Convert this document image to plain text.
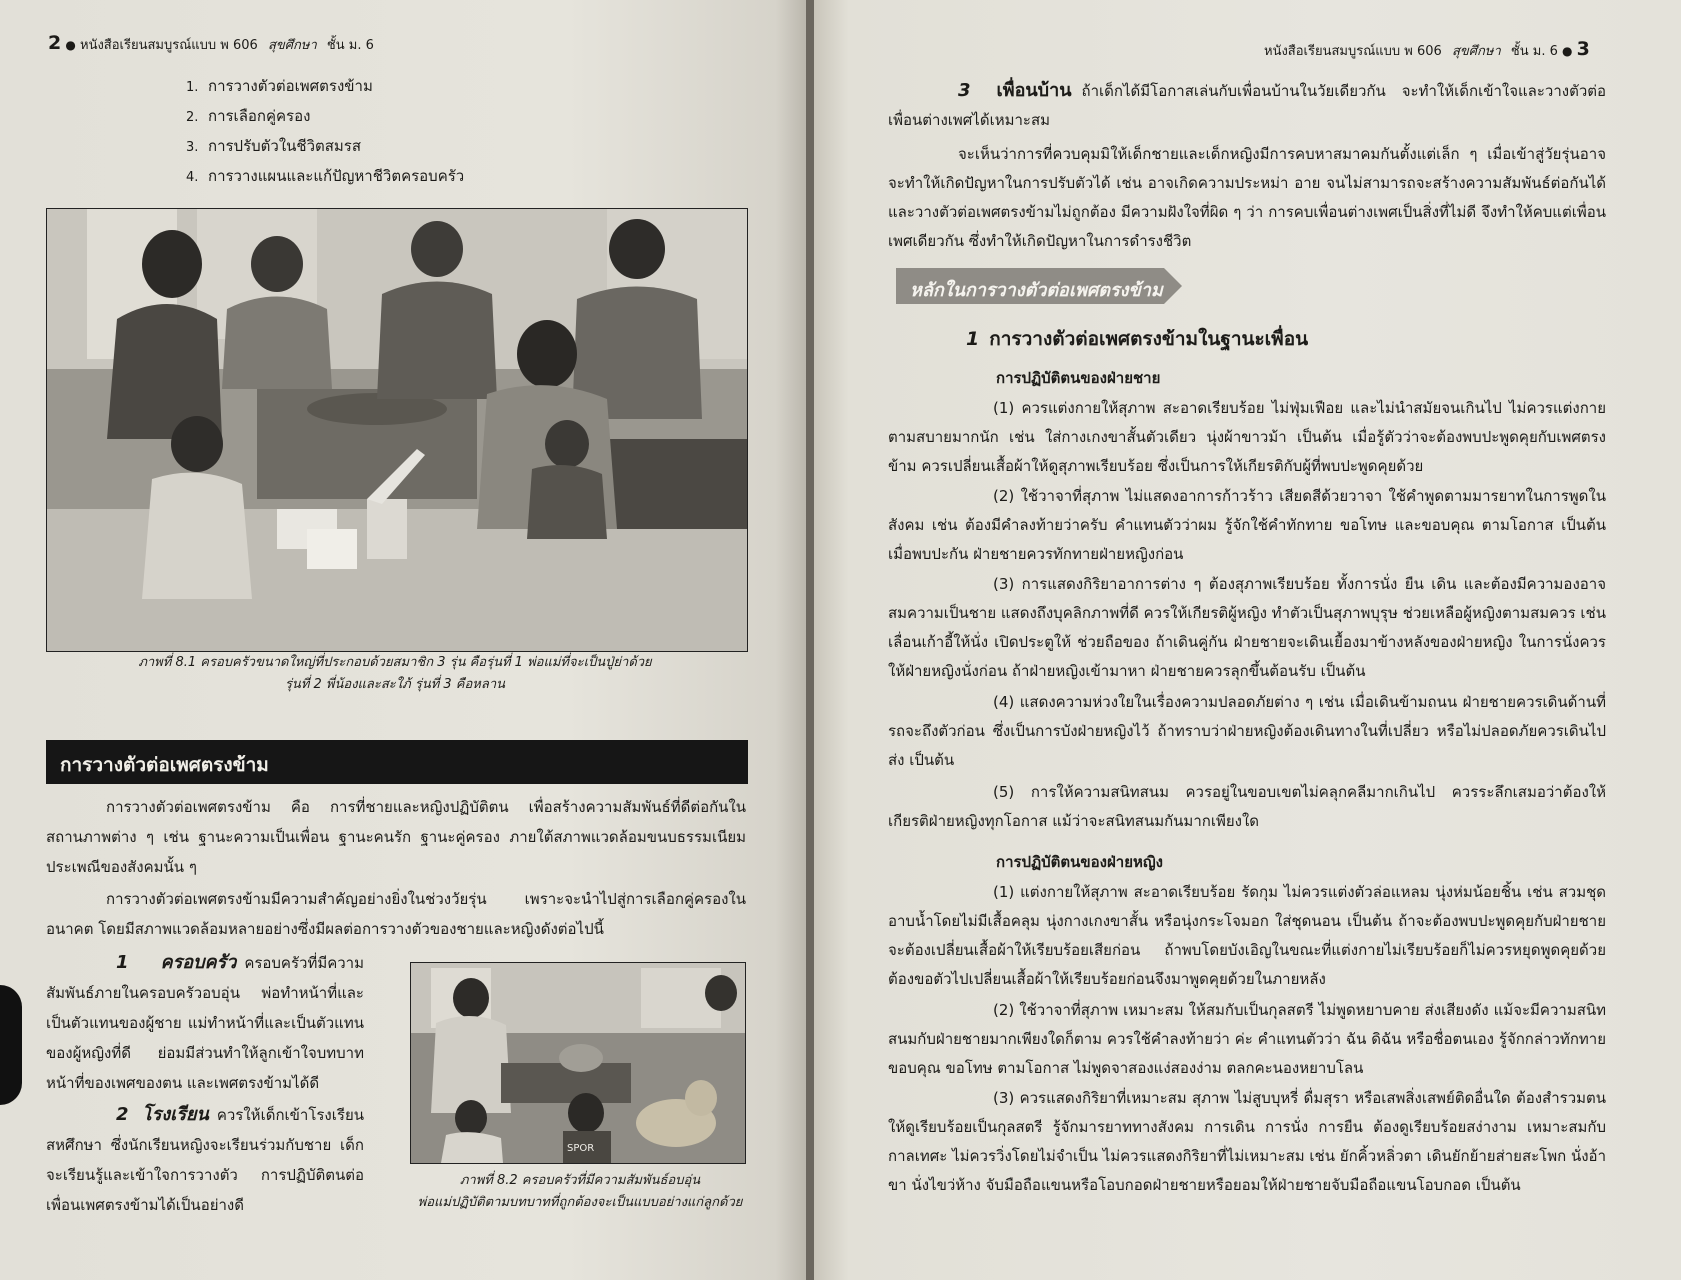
2 ● หนังสือเรียนสมบูรณ์แบบ พ 606 สุขศึกษา ชั้น ม. 6
1. การวางตัวต่อเพศตรงข้าม
2. การเลือกคู่ครอง
3. การปรับตัวในชีวิตสมรส
4. การวางแผนและแก้ปัญหาชีวิตครอบครัว
ภาพที่ 8.1 ครอบครัวขนาดใหญ่ที่ประกอบด้วยสมาชิก 3 รุ่น คือรุ่นที่ 1 พ่อแม่ที่จะเป็นปู่ย่าด้วย
รุ่นที่ 2 พี่น้องและสะใภ้ รุ่นที่ 3 คือหลาน
การวางตัวต่อเพศตรงข้าม

การวางตัวต่อเพศตรงข้าม คือ การที่ชายและหญิงปฏิบัติตน เพื่อสร้างความสัมพันธ์ที่ดีต่อกันในสถานภาพต่าง ๆ เช่น ฐานะความเป็นเพื่อน ฐานะคนรัก ฐานะคู่ครอง ภายใต้สภาพแวดล้อมขนบธรรมเนียมประเพณีของสังคมนั้น ๆ

การวางตัวต่อเพศตรงข้ามมีความสำคัญอย่างยิ่งในช่วงวัยรุ่น เพราะจะนำไปสู่การเลือกคู่ครองในอนาคต โดยมีสภาพแวดล้อมหลายอย่างซึ่งมีผลต่อการวางตัวของชายและหญิงดังต่อไปนี้

1 ครอบครัว ครอบครัวที่มีความสัมพันธ์ภายในครอบครัวอบอุ่น พ่อทำหน้าที่และเป็นตัวแทนของผู้ชาย แม่ทำหน้าที่และเป็นตัวแทนของผู้หญิงที่ดี ย่อมมีส่วนทำให้ลูกเข้าใจบทบาท หน้าที่ของเพศของตน และเพศตรงข้ามได้ดี

2 โรงเรียน ควรให้เด็กเข้าโรงเรียนสหศึกษา ซึ่งนักเรียนหญิงจะเรียนร่วมกับชาย เด็กจะเรียนรู้และเข้าใจการวางตัว การปฏิบัติตนต่อเพื่อนเพศตรงข้ามได้เป็นอย่างดี

SPOR
ภาพที่ 8.2 ครอบครัวที่มีความสัมพันธ์อบอุ่น
พ่อแม่ปฏิบัติตามบทบาทที่ถูกต้องจะเป็นแบบอย่างแก่ลูกด้วย
หนังสือเรียนสมบูรณ์แบบ พ 606 สุขศึกษา ชั้น ม. 6 ● 3

3 เพื่อนบ้าน ถ้าเด็กได้มีโอกาสเล่นกับเพื่อนบ้านในวัยเดียวกัน จะทำให้เด็กเข้าใจและวางตัวต่อเพื่อนต่างเพศได้เหมาะสม

จะเห็นว่าการที่ควบคุมมิให้เด็กชายและเด็กหญิงมีการคบหาสมาคมกันตั้งแต่เล็ก ๆ เมื่อเข้าสู่วัยรุ่นอาจจะทำให้เกิดปัญหาในการปรับตัวได้ เช่น อาจเกิดความประหม่า อาย จนไม่สามารถจะสร้างความสัมพันธ์ต่อกันได้ และวางตัวต่อเพศตรงข้ามไม่ถูกต้อง มีความฝังใจที่ผิด ๆ ว่า การคบเพื่อนต่างเพศเป็นสิ่งที่ไม่ดี จึงทำให้คบแต่เพื่อนเพศเดียวกัน ซึ่งทำให้เกิดปัญหาในการดำรงชีวิต

หลักในการวางตัวต่อเพศตรงข้าม
1 การวางตัวต่อเพศตรงข้ามในฐานะเพื่อน
การปฏิบัติตนของฝ่ายชาย

(1) ควรแต่งกายให้สุภาพ สะอาดเรียบร้อย ไม่ฟุ่มเฟือย และไม่นำสมัยจนเกินไป ไม่ควรแต่งกายตามสบายมากนัก เช่น ใส่กางเกงขาสั้นตัวเดียว นุ่งผ้าขาวม้า เป็นต้น เมื่อรู้ตัวว่าจะต้องพบปะพูดคุยกับเพศตรงข้าม ควรเปลี่ยนเสื้อผ้าให้ดูสุภาพเรียบร้อย ซึ่งเป็นการให้เกียรติกับผู้ที่พบปะพูดคุยด้วย

(2) ใช้วาจาที่สุภาพ ไม่แสดงอาการก้าวร้าว เสียดสีด้วยวาจา ใช้คำพูดตามมารยาทในการพูดในสังคม เช่น ต้องมีคำลงท้ายว่าครับ คำแทนตัวว่าผม รู้จักใช้คำทักทาย ขอโทษ และขอบคุณ ตามโอกาส เป็นต้น เมื่อพบปะกัน ฝ่ายชายควรทักทายฝ่ายหญิงก่อน

(3) การแสดงกิริยาอาการต่าง ๆ ต้องสุภาพเรียบร้อย ทั้งการนั่ง ยืน เดิน และต้องมีความองอาจสมความเป็นชาย แสดงถึงบุคลิกภาพที่ดี ควรให้เกียรติผู้หญิง ทำตัวเป็นสุภาพบุรุษ ช่วยเหลือผู้หญิงตามสมควร เช่น เลื่อนเก้าอี้ให้นั่ง เปิดประตูให้ ช่วยถือของ ถ้าเดินคู่กัน ฝ่ายชายจะเดินเยื้องมาข้างหลังของฝ่ายหญิง ในการนั่งควรให้ฝ่ายหญิงนั่งก่อน ถ้าฝ่ายหญิงเข้ามาหา ฝ่ายชายควรลุกขึ้นต้อนรับ เป็นต้น

(4) แสดงความห่วงใยในเรื่องความปลอดภัยต่าง ๆ เช่น เมื่อเดินข้ามถนน ฝ่ายชายควรเดินด้านที่รถจะถึงตัวก่อน ซึ่งเป็นการบังฝ่ายหญิงไว้ ถ้าทราบว่าฝ่ายหญิงต้องเดินทางในที่เปลี่ยว หรือไม่ปลอดภัยควรเดินไปส่ง เป็นต้น

(5) การให้ความสนิทสนม ควรอยู่ในขอบเขตไม่คลุกคลีมากเกินไป ควรระลึกเสมอว่าต้องให้เกียรติฝ่ายหญิงทุกโอกาส แม้ว่าจะสนิทสนมกันมากเพียงใด

การปฏิบัติตนของฝ่ายหญิง

(1) แต่งกายให้สุภาพ สะอาดเรียบร้อย รัดกุม ไม่ควรแต่งตัวล่อแหลม นุ่งห่มน้อยชิ้น เช่น สวมชุดอาบน้ำโดยไม่มีเสื้อคลุม นุ่งกางเกงขาสั้น หรือนุ่งกระโจมอก ใส่ชุดนอน เป็นต้น ถ้าจะต้องพบปะพูดคุยกับฝ่ายชายจะต้องเปลี่ยนเสื้อผ้าให้เรียบร้อยเสียก่อน ถ้าพบโดยบังเอิญในขณะที่แต่งกายไม่เรียบร้อยก็ไม่ควรหยุดพูดคุยด้วยต้องขอตัวไปเปลี่ยนเสื้อผ้าให้เรียบร้อยก่อนจึงมาพูดคุยด้วยในภายหลัง

(2) ใช้วาจาที่สุภาพ เหมาะสม ให้สมกับเป็นกุลสตรี ไม่พูดหยาบคาย ส่งเสียงดัง แม้จะมีความสนิทสนมกับฝ่ายชายมากเพียงใดก็ตาม ควรใช้คำลงท้ายว่า ค่ะ คำแทนตัวว่า ฉัน ดิฉัน หรือชื่อตนเอง รู้จักกล่าวทักทาย ขอบคุณ ขอโทษ ตามโอกาส ไม่พูดจาสองแง่สองง่าม ตลกคะนองหยาบโลน

(3) ควรแสดงกิริยาที่เหมาะสม สุภาพ ไม่สูบบุหรี่ ดื่มสุรา หรือเสพสิ่งเสพย์ติดอื่นใด ต้องสำรวมตนให้ดูเรียบร้อยเป็นกุลสตรี รู้จักมารยาททางสังคม การเดิน การนั่ง การยืน ต้องดูเรียบร้อยสง่างาม เหมาะสมกับกาลเทศะ ไม่ควรวิ่งโดยไม่จำเป็น ไม่ควรแสดงกิริยาที่ไม่เหมาะสม เช่น ยักคิ้วหลิ่วตา เดินยักย้ายส่ายสะโพก นั่งอ้าขา นั่งไขว่ห้าง จับมือถือแขนหรือโอบกอดฝ่ายชายหรือยอมให้ฝ่ายชายจับมือถือแขนโอบกอด เป็นต้น
